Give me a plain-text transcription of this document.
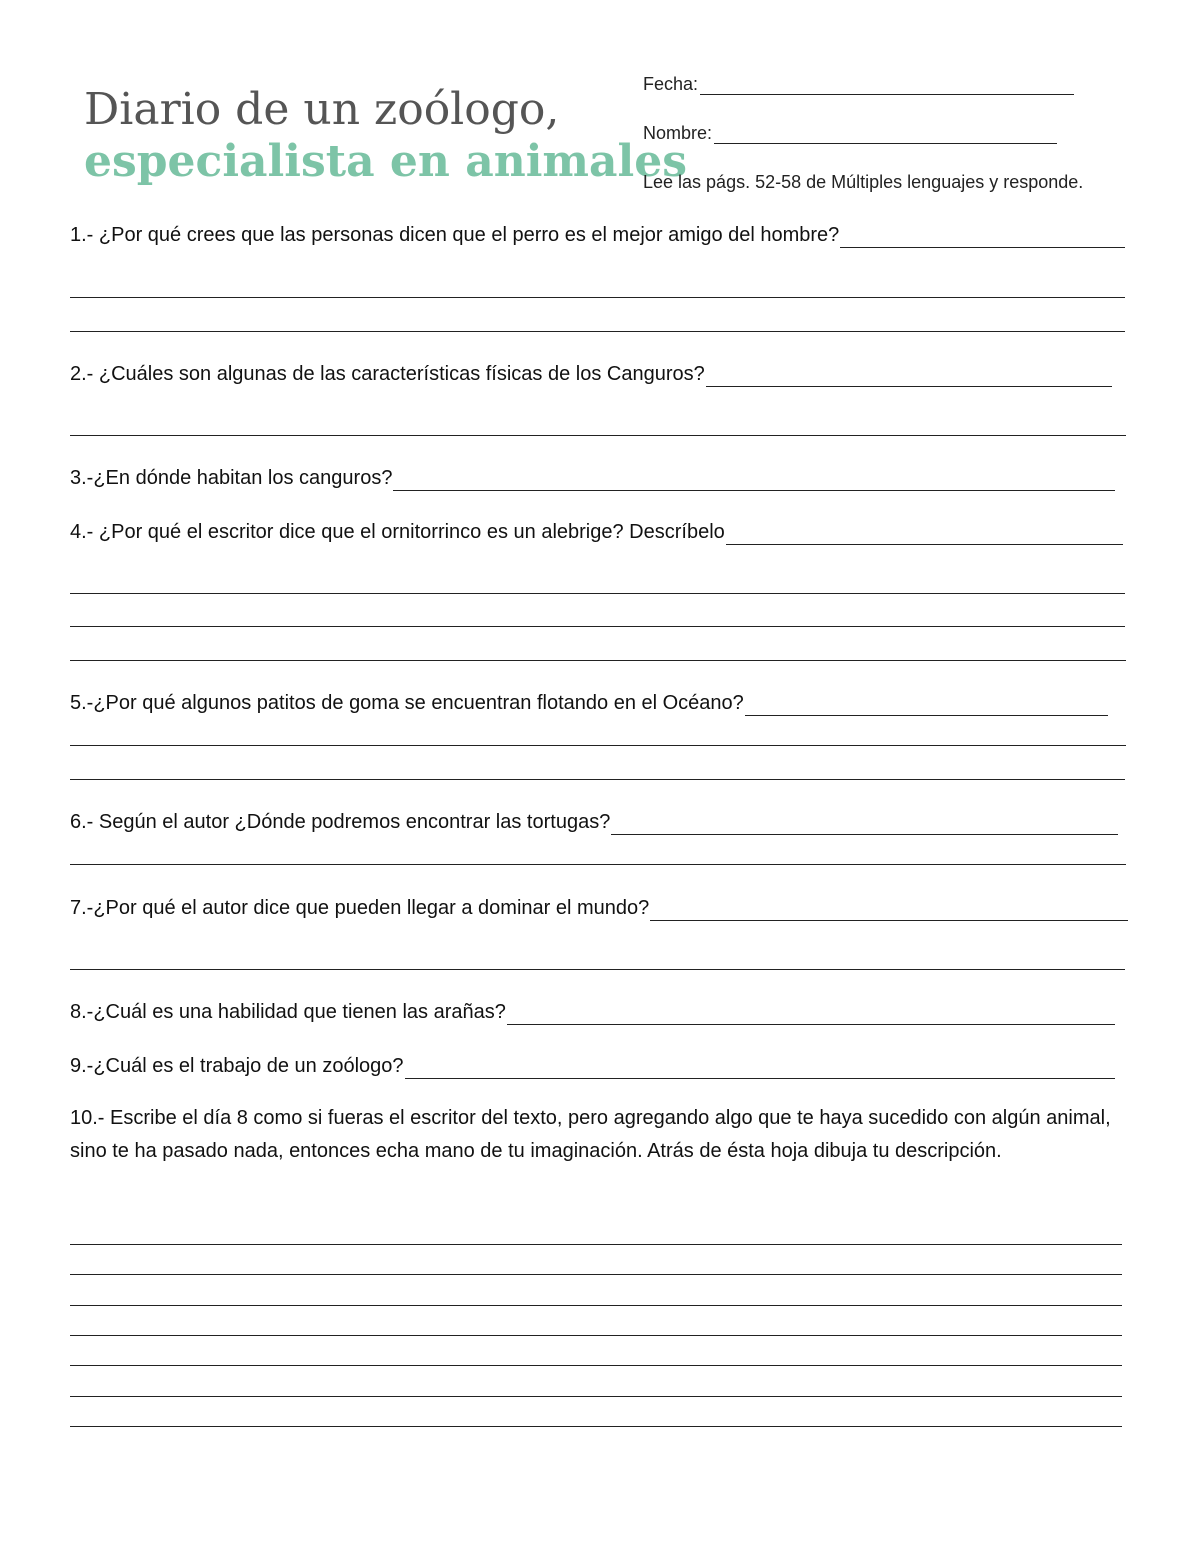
Diario de un zoólogo,
especialista en animales
Fecha:
Nombre:
Lee las págs. 52-58 de Múltiples lenguajes y responde.
1.- ¿Por qué crees que las personas dicen que el perro es el mejor amigo del hombre?
2.- ¿Cuáles son algunas de las características físicas de los Canguros?
3.-¿En dónde habitan los canguros?
4.- ¿Por qué el escritor dice que el ornitorrinco es un alebrige? Descríbelo
5.-¿Por qué algunos patitos de goma se encuentran flotando en el Océano?
6.- Según el autor ¿Dónde podremos encontrar las tortugas?
7.-¿Por qué el autor dice que pueden llegar a dominar el mundo?
8.-¿Cuál es una habilidad que tienen las arañas?
9.-¿Cuál es el trabajo de un zoólogo?
10.- Escribe el día 8 como si fueras el escritor del texto, pero agregando algo que te haya sucedido con algún animal, sino te ha pasado nada, entonces echa mano de tu imaginación. Atrás de ésta hoja dibuja tu descripción.
